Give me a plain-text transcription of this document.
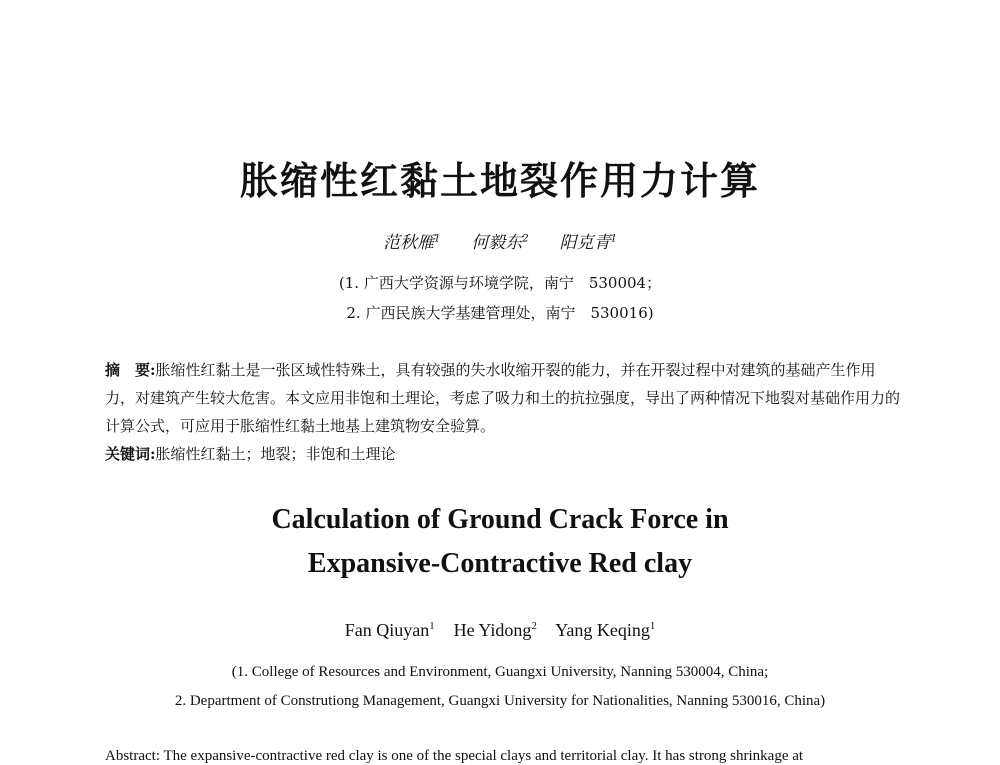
胀缩性红黏土地裂作用力计算
范秋雁$^1$ 何毅东$^2$ 阳克青$^1$
(1. 广西大学资源与环境学院，南宁　530004；
2. 广西民族大学基建管理处，南宁　530016)

摘　要:胀缩性红黏土是一张区域性特殊土，具有较强的失水收缩开裂的能力，并在开裂过程中对建筑的基础产生作用力，对建筑产生较大危害。本文应用非饱和土理论，考虑了吸力和土的抗拉强度，导出了两种情况下地裂对基础作用力的计算公式，可应用于胀缩性红黏土地基上建筑物安全验算。

关键词:胀缩性红黏土；地裂；非饱和土理论

Calculation of Ground Crack Force in
Expansive-Contractive Red clay
Fan Qiuyan$^1$ He Yidong$^2$ Yang Keqing$^1$
(1. College of Resources and Environment, Guangxi University, Nanning 530004, China;
2. Department of Construtiong Management, Guangxi University for Nationalities, Nanning 530016, China)
Abstract: The expansive-contractive red clay is one of the special clays and territorial clay. It has strong shrinkage at
